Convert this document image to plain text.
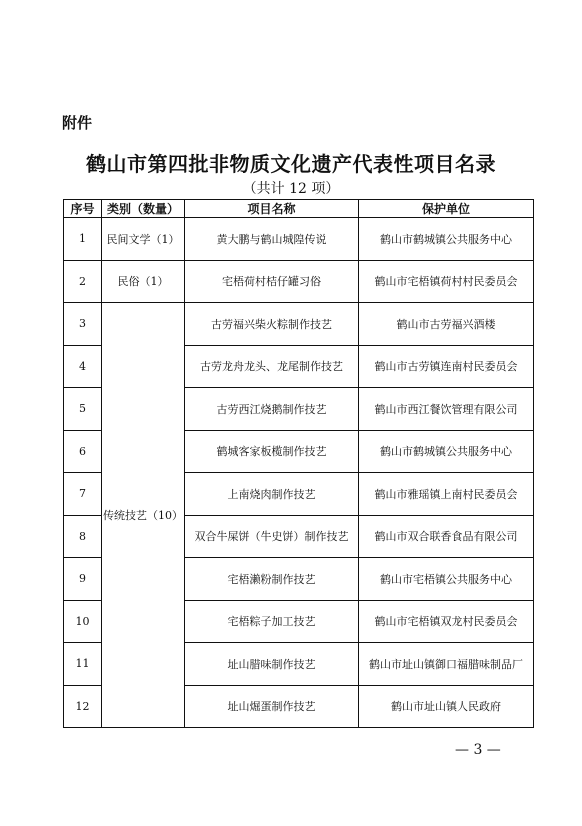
附件
鹤山市第四批非物质文化遗产代表性项目名录
（共计 12 项）
序号	类别（数量）	项目名称	保护单位
1	民间文学（1）	黄大鹏与鹤山城隍传说	鹤山市鹤城镇公共服务中心
2	民俗（1）	宅梧荷村桔仔罐习俗	鹤山市宅梧镇荷村村民委员会
3	传统技艺（10）	古劳福兴柴火粽制作技艺	鹤山市古劳福兴酒楼
4		古劳龙舟龙头、龙尾制作技艺	鹤山市古劳镇连南村民委员会
5		古劳西江烧鹅制作技艺	鹤山市西江餐饮管理有限公司
6		鹤城客家板榄制作技艺	鹤山市鹤城镇公共服务中心
7		上南烧肉制作技艺	鹤山市雅瑶镇上南村民委员会
8		双合牛屎饼（牛史饼）制作技艺	鹤山市双合联香食品有限公司
9		宅梧濑粉制作技艺	鹤山市宅梧镇公共服务中心
10		宅梧粽子加工技艺	鹤山市宅梧镇双龙村民委员会
11		址山腊味制作技艺	鹤山市址山镇御口福腊味制品厂
12		址山煀蛋制作技艺	鹤山市址山镇人民政府
— 3 —
